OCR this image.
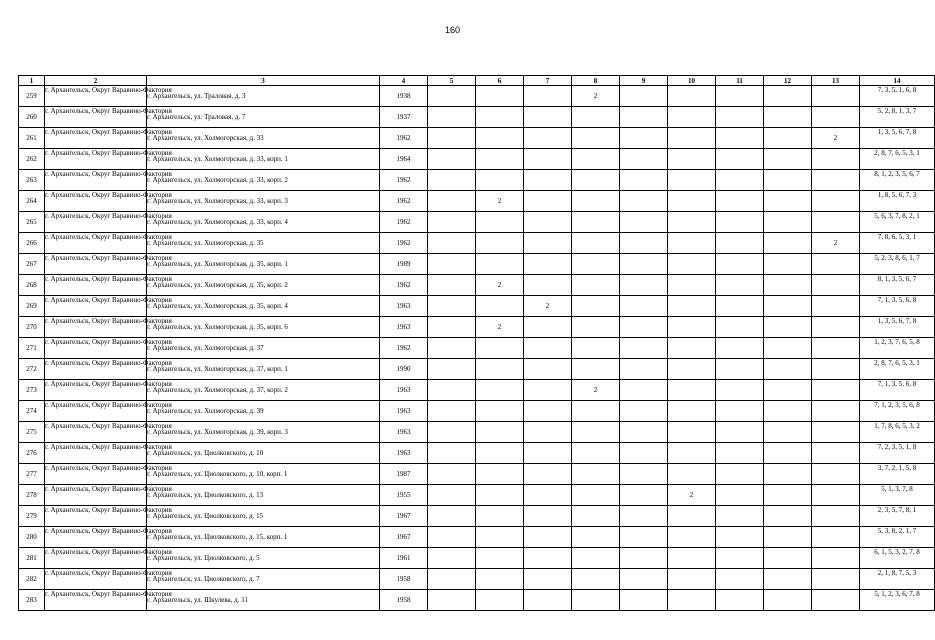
160
1	2	3	4	5	6	7	8	9	10	11	12	13	14
259	г. Архангельск, Округ Варавино-Фактория	г. Архангельск, ул. Траловая, д. 3	1938				2						7, 3, 5, 1, 6, 8
260	г. Архангельск, Округ Варавино-Фактория	г. Архангельск, ул. Траловая, д. 7	1937										5, 2, 8, 1, 3, 7
261	г. Архангельск, Округ Варавино-Фактория	г. Архангельск, ул. Холмогорская, д. 33	1962									2	1, 3, 5, 6, 7, 8
262	г. Архангельск, Округ Варавино-Фактория	г. Архангельск, ул. Холмогорская, д. 33, корп. 1	1964										2, 8, 7, 6, 5, 3, 1
263	г. Архангельск, Округ Варавино-Фактория	г. Архангельск, ул. Холмогорская, д. 33, корп. 2	1962										8, 1, 2, 3, 5, 6, 7
264	г. Архангельск, Округ Варавино-Фактория	г. Архангельск, ул. Холмогорская, д. 33, корп. 3	1962		2								1, 8, 5, 6, 7, 3
265	г. Архангельск, Округ Варавино-Фактория	г. Архангельск, ул. Холмогорская, д. 33, корп. 4	1962										5, 6, 3, 7, 8, 2, 1
266	г. Архангельск, Округ Варавино-Фактория	г. Архангельск, ул. Холмогорская, д. 35	1962									2	7, 8, 6, 5, 3, 1
267	г. Архангельск, Округ Варавино-Фактория	г. Архангельск, ул. Холмогорская, д. 35, корп. 1	1989										5, 2, 3, 8, 6, 1, 7
268	г. Архангельск, Округ Варавино-Фактория	г. Архангельск, ул. Холмогорская, д. 35, корп. 2	1962		2								8, 1, 3, 5, 6, 7
269	г. Архангельск, Округ Варавино-Фактория	г. Архангельск, ул. Холмогорская, д. 35, корп. 4	1963			2							7, 1, 3, 5, 6, 8
270	г. Архангельск, Округ Варавино-Фактория	г. Архангельск, ул. Холмогорская, д. 35, корп. 6	1963		2								1, 3, 5, 6, 7, 8
271	г. Архангельск, Округ Варавино-Фактория	г. Архангельск, ул. Холмогорская, д. 37	1962										1, 2, 3, 7, 6, 5, 8
272	г. Архангельск, Округ Варавино-Фактория	г. Архангельск, ул. Холмогорская, д. 37, корп. 1	1990										2, 8, 7, 6, 5, 3, 1
273	г. Архангельск, Округ Варавино-Фактория	г. Архангельск, ул. Холмогорская, д. 37, корп. 2	1963				2						7, 1, 3, 5, 6, 8
274	г. Архангельск, Округ Варавино-Фактория	г. Архангельск, ул. Холмогорская, д. 39	1963										7, 1, 2, 3, 5, 6, 8
275	г. Архангельск, Округ Варавино-Фактория	г. Архангельск, ул. Холмогорская, д. 39, корп. 3	1963										1, 7, 8, 6, 5, 3, 2
276	г. Архангельск, Округ Варавино-Фактория	г. Архангельск, ул. Циолковского, д. 10	1963										7, 2, 3, 5, 1, 8
277	г. Архангельск, Округ Варавино-Фактория	г. Архангельск, ул. Циолковского, д. 10, корп. 1	1987										3, 7, 2, 1, 5, 8
278	г. Архангельск, Округ Варавино-Фактория	г. Архангельск, ул. Циолковского, д. 13	1955						2				5, 1, 3, 7, 8
279	г. Архангельск, Округ Варавино-Фактория	г. Архангельск, ул. Циолковского, д. 15	1967										2, 3, 5, 7, 8, 1
280	г. Архангельск, Округ Варавино-Фактория	г. Архангельск, ул. Циолковского, д. 15, корп. 1	1967										5, 3, 8, 2, 1, 7
281	г. Архангельск, Округ Варавино-Фактория	г. Архангельск, ул. Циолковского, д. 5	1961										6, 1, 5, 3, 2, 7, 8
282	г. Архангельск, Округ Варавино-Фактория	г. Архангельск, ул. Циолковского, д. 7	1958										2, 1, 8, 7, 5, 3
283	г. Архангельск, Округ Варавино-Фактория	г. Архангельск, ул. Шкулева, д. 11	1958										5, 1, 2, 3, 6, 7, 8
